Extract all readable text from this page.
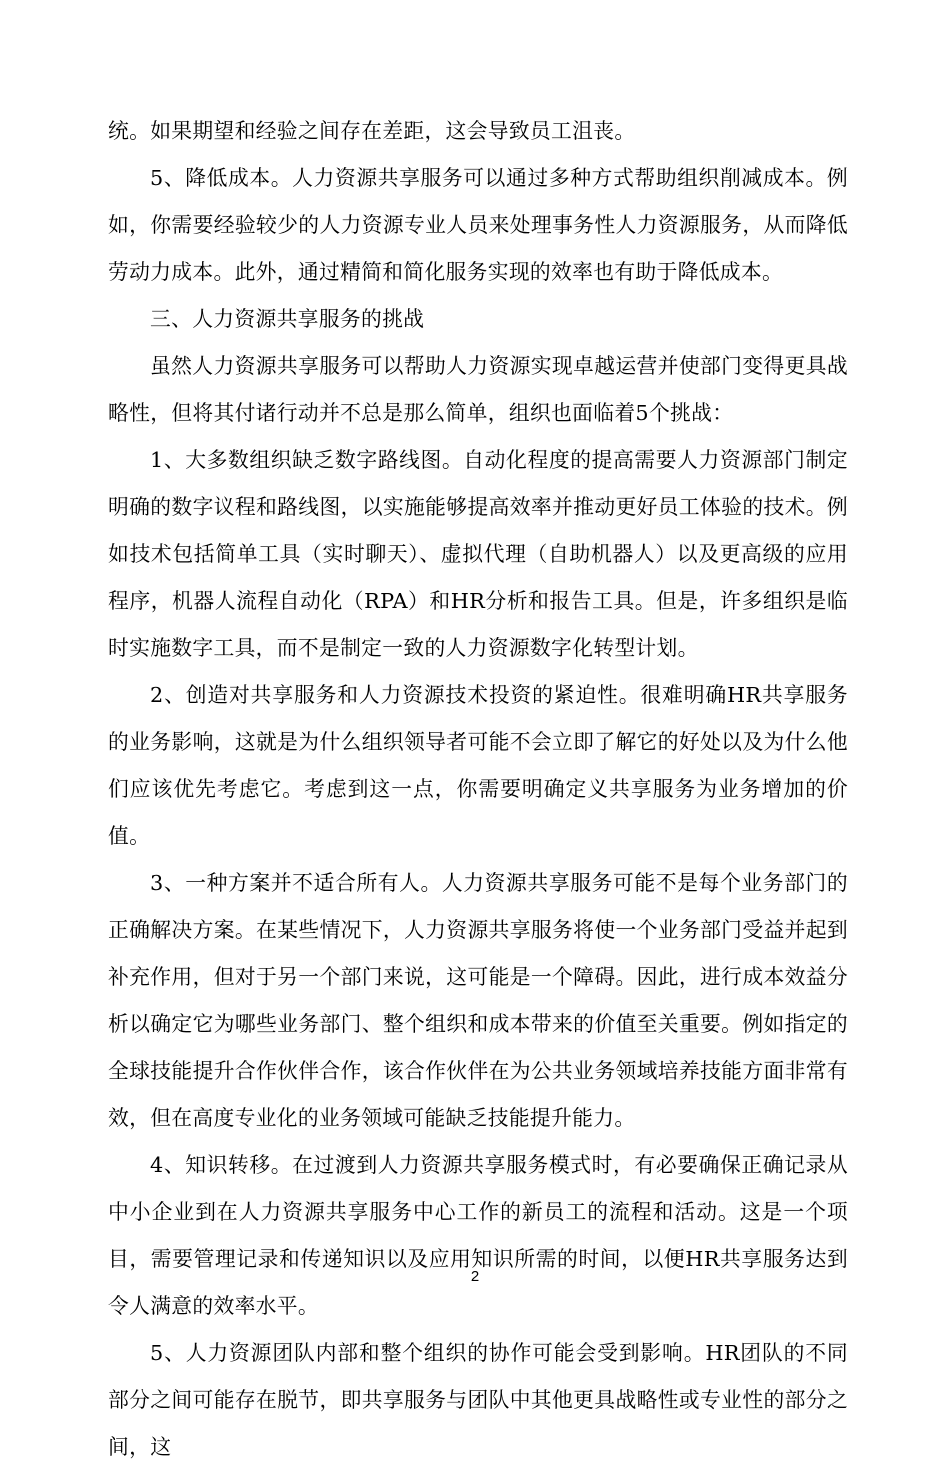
统。如果期望和经验之间存在差距，这会导致员工沮丧。

5、降低成本。人力资源共享服务可以通过多种方式帮助组织削减成本。例如，你需要经验较少的人力资源专业人员来处理事务性人力资源服务，从而降低劳动力成本。此外，通过精简和简化服务实现的效率也有助于降低成本。

三、人力资源共享服务的挑战

虽然人力资源共享服务可以帮助人力资源实现卓越运营并使部门变得更具战略性，但将其付诸行动并不总是那么简单，组织也面临着5个挑战：

1、大多数组织缺乏数字路线图。自动化程度的提高需要人力资源部门制定明确的数字议程和路线图，以实施能够提高效率并推动更好员工体验的技术。例如技术包括简单工具（实时聊天）、虚拟代理（自助机器人）以及更高级的应用程序，机器人流程自动化（RPA）和HR分析和报告工具。但是，许多组织是临时实施数字工具，而不是制定一致的人力资源数字化转型计划。

2、创造对共享服务和人力资源技术投资的紧迫性。很难明确HR共享服务的业务影响，这就是为什么组织领导者可能不会立即了解它的好处以及为什么他们应该优先考虑它。考虑到这一点，你需要明确定义共享服务为业务增加的价值。

3、一种方案并不适合所有人。人力资源共享服务可能不是每个业务部门的正确解决方案。在某些情况下，人力资源共享服务将使一个业务部门受益并起到补充作用，但对于另一个部门来说，这可能是一个障碍。因此，进行成本效益分析以确定它为哪些业务部门、整个组织和成本带来的价值至关重要。例如指定的全球技能提升合作伙伴合作，该合作伙伴在为公共业务领域培养技能方面非常有效，但在高度专业化的业务领域可能缺乏技能提升能力。

4、知识转移。在过渡到人力资源共享服务模式时，有必要确保正确记录从中小企业到在人力资源共享服务中心工作的新员工的流程和活动。这是一个项目，需要管理记录和传递知识以及应用知识所需的时间，以便HR共享服务达到令人满意的效率水平。

5、人力资源团队内部和整个组织的协作可能会受到影响。HR团队的不同部分之间可能存在脱节，即共享服务与团队中其他更具战略性或专业性的部分之间，这

2
